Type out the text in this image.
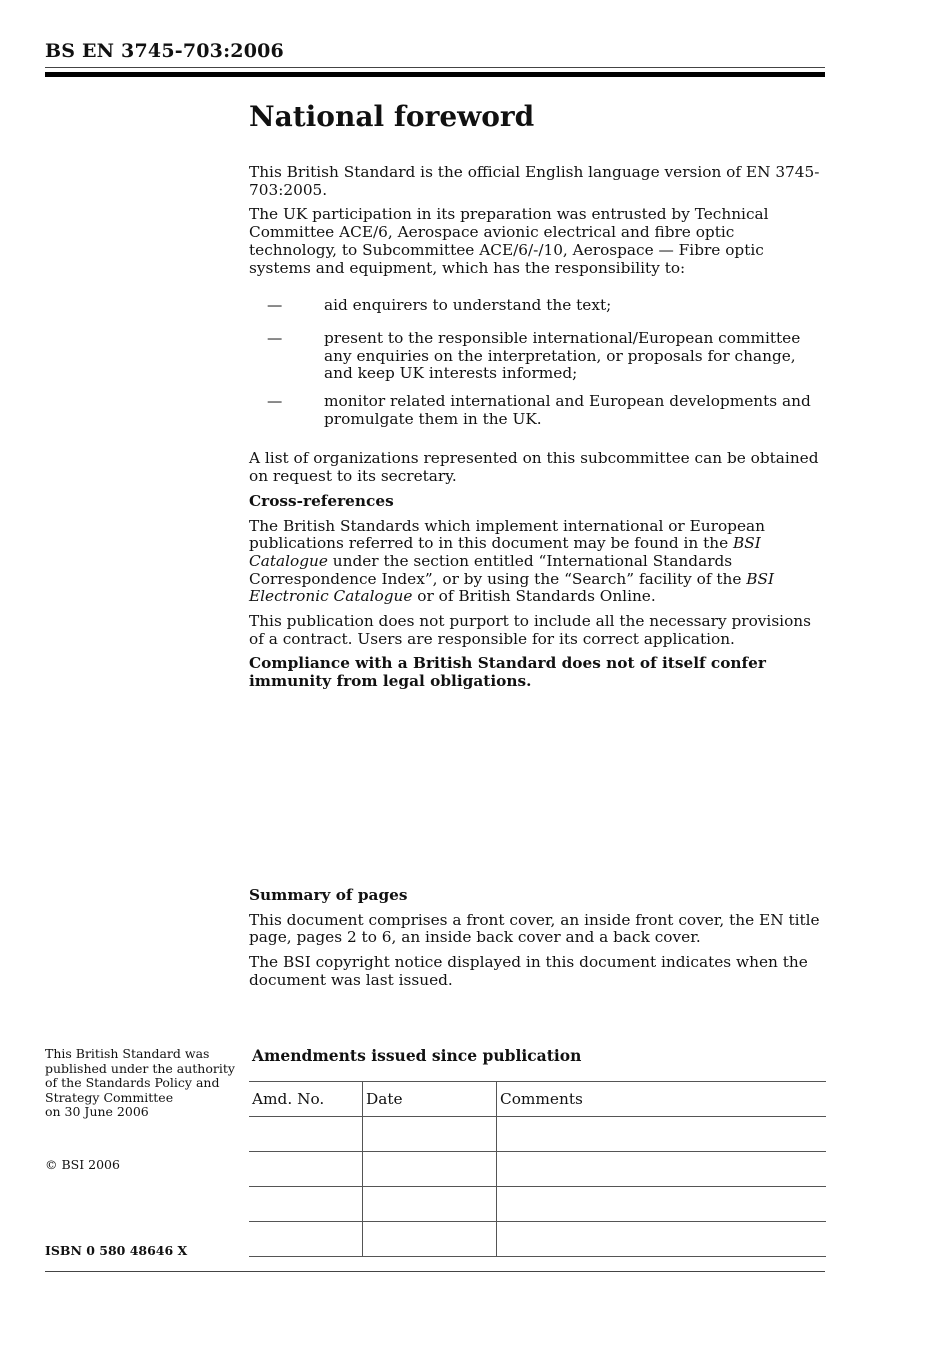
BS EN 3745-703:2006
National foreword

This British Standard is the official English language version of EN 3745-703:2005.

The UK participation in its preparation was entrusted by Technical Committee ACE/6, Aerospace avionic electrical and fibre optic technology, to Subcommittee ACE/6/-/10, Aerospace — Fibre optic systems and equipment, which has the responsibility to:

—	aid enquirers to understand the text;
—	present to the responsible international/European committee any enquiries on the interpretation, or proposals for change, and keep UK interests informed;
—	monitor related international and European developments and promulgate them in the UK.

A list of organizations represented on this subcommittee can be obtained on request to its secretary.

Cross-references

The British Standards which implement international or European publications referred to in this document may be found in the BSI Catalogue under the section entitled “International Standards Correspondence Index”, or by using the “Search” facility of the BSI Electronic Catalogue or of British Standards Online.

This publication does not purport to include all the necessary provisions of a contract. Users are responsible for its correct application.

Compliance with a British Standard does not of itself confer immunity from legal obligations.

Summary of pages

This document comprises a front cover, an inside front cover, the EN title page, pages 2 to 6, an inside back cover and a back cover.

The BSI copyright notice displayed in this document indicates when the document was last issued.

This British Standard was

published under the authority

of the Standards Policy and

Strategy Committee

on 30 June 2006

© BSI 2006
ISBN 0 580 48646 X
Amendments issued since publication
Amd. No.	Date	Comments
